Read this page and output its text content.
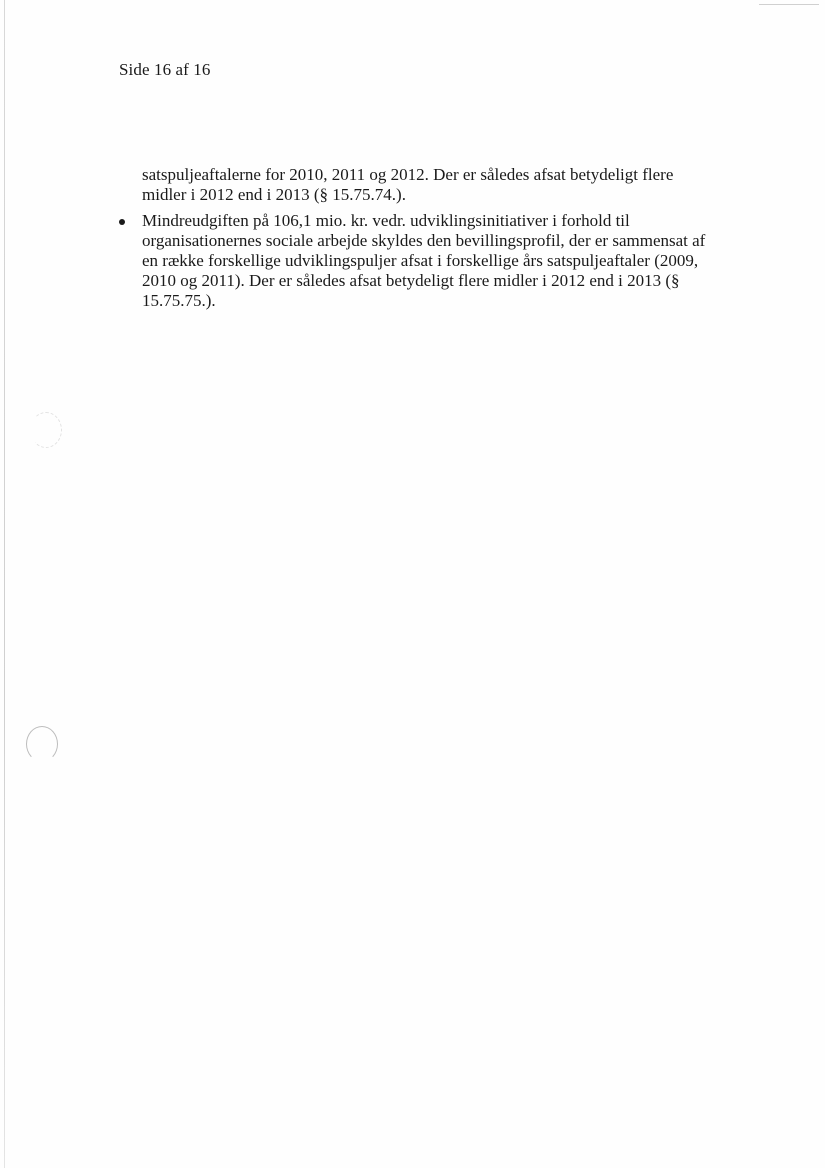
Side 16 af 16

satspuljeaftalerne for 2010, 2011 og 2012. Der er således afsat betydeligt flere midler i 2012 end i 2013 (§ 15.75.74.).

Mindreudgiften på 106,1 mio. kr. vedr. udviklingsinitiativer i forhold til organisationernes sociale arbejde skyldes den bevillingsprofil, der er sammensat af en række forskellige udviklingspuljer afsat i forskellige års satspuljeaftaler (2009, 2010 og 2011). Der er således afsat betydeligt flere midler i 2012 end i 2013 (§ 15.75.75.).
